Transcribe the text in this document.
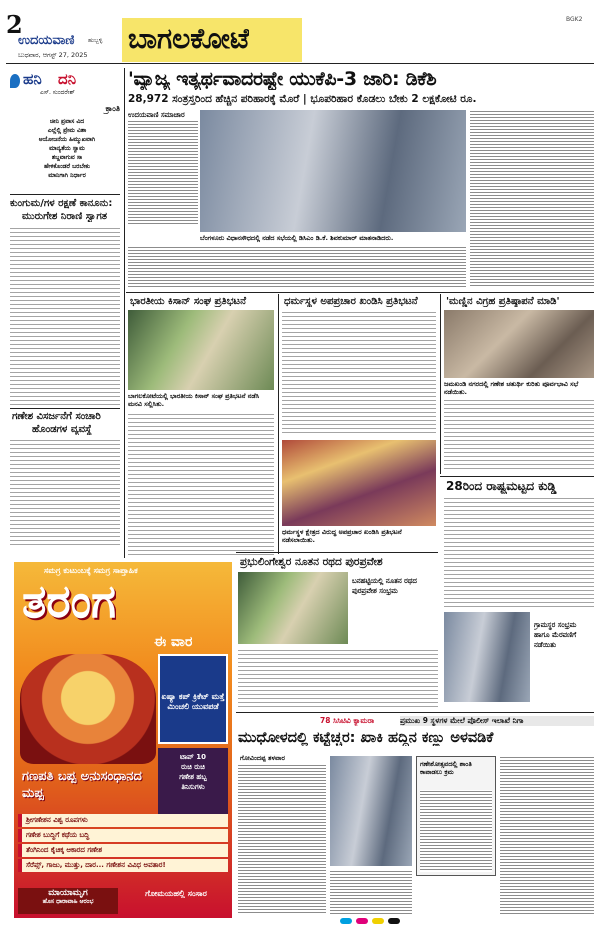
2
ಉದಯವಾಣಿ ಹುಬ್ಬಳ್ಳಿ
ಬುಧವಾರ, ಆಗಸ್ಟ್ 27, 2025 ಬಾಗಲಕೋಟೆ
BGK2
ಹನಿ ದನಿ
ಎಸ್. ಸುಂದರೇಶ್
ಕ್ರಾಂತಿ
ಚೀನಿ ಪ್ರವಾಸ ವಿದ
ಎಲ್ಲೆಲ್ಲಿ ಪ್ರೇಮ ವಿಶಾ
ಆಯೋಜನೆಯ ಹಿಮ್ಮುಖವಾಗಿ
ಮಾನ್ಯತೆಯ ಸ್ವಾಮ
ಶಬ್ದವಾಗುವ ಸಾ
ಹೇಳಿಕೊಂಡರೆ ಬರಬೇಕು
ಮಾನಿಗಾಗಿ ನಿರ್ಧಾರ
ಕುಂಗುಮ/ಗಳ ರಕ್ಷಣೆ ಕಾನೂನು:
ಮುರುಗೇಶ ನಿರಾಣಿ ಸ್ವಾಗತ
ಗಣೇಶ ವಿಸರ್ಜನೆಗೆ ಸಂಚಾರಿ
ಹೊಂಡಗಳ ವ್ಯವಸ್ಥೆ
'ವ್ಯಾಜ್ಯ ಇತ್ಯರ್ಥವಾದರಷ್ಟೇ ಯುಕೆಪಿ-3 ಜಾರಿ: ಡಿಕೆಶಿ
28,972 ಸಂತ್ರಸ್ತರಿಂದ ಹೆಚ್ಚಿನ ಪರಿಹಾರಕ್ಕೆ ಮೊರೆ | ಭೂಪರಿಹಾರ ಕೊಡಲು ಬೇಕು 2 ಲಕ್ಷಕೋಟಿ ರೂ.
ಉದಯವಾಣಿ ಸಮಾಚಾರ
ಬೆಂಗಳೂರು ವಿಧಾನಸೌಧದಲ್ಲಿ ನಡೆದ ಸಭೆಯಲ್ಲಿ ಡಿಸಿಎಂ ಡಿ.ಕೆ. ಶಿವಕುಮಾರ್ ಮಾತನಾಡಿದರು.
ಭಾರತೀಯ ಕಿಸಾನ್ ಸಂಘ ಪ್ರತಿಭಟನೆ
ಬಾಗಲಕೋಟೆಯಲ್ಲಿ ಭಾರತೀಯ ಕಿಸಾನ್ ಸಂಘ ಪ್ರತಿಭಟನೆ ನಡೆಸಿ ಮನವಿ ಸಲ್ಲಿಸಿತು.
ಧರ್ಮಸ್ಥಳ ಅಪಪ್ರಚಾರ ಖಂಡಿಸಿ ಪ್ರತಿಭಟನೆ
ಧರ್ಮಸ್ಥಳ ಕ್ಷೇತ್ರದ ವಿರುದ್ಧ ಅಪಪ್ರಚಾರ ಖಂಡಿಸಿ ಪ್ರತಿಭಟನೆ ನಡೆಸಲಾಯಿತು.
'ಮಣ್ಣಿನ ವಿಗ್ರಹ ಪ್ರತಿಷ್ಠಾಪನೆ ಮಾಡಿ'
ಜಮಖಂಡಿ ನಗರದಲ್ಲಿ ಗಣೇಶ ಚತುರ್ಥಿ ಕುರಿತು ಪೂರ್ವಭಾವಿ ಸಭೆ ನಡೆಯಿತು.
28ರಿಂದ ರಾಷ್ಟ್ರಮಟ್ಟದ ಕುಡ್ಡಿ
ಗ್ರಾಮಸ್ಥರ ಸಂಭ್ರಮ ಹಾಗೂ ಮೆರವಣಿಗೆ ನಡೆಯಿತು
ಪ್ರಭುಲಿಂಗೇಶ್ವರ ನೂತನ ರಥದ ಪುರಪ್ರವೇಶ
ಬನಹಟ್ಟಿಯಲ್ಲಿ ನೂತನ ರಥದ ಪುರಪ್ರವೇಶ ಸಂಭ್ರಮ
ಸಮಗ್ರ ಕುಟುಂಬಕ್ಕೆ ಸಮಗ್ರ ಸಾಪ್ತಾಹಿಕ
ತರಂಗ
ಈ ವಾರ
ಏಷ್ಯಾ ಕಪ್ ಕ್ರಿಕೆಟ್ ಮತ್ತೆ ಮಿಂಚಲಿ ಯುವಪಡೆ
ಟಾಪ್ 10
ರುಚಿ ರುಚಿ
ಗಣೇಶ ಹಬ್ಬ
ತಿನಿಸುಗಳು
ಗಣಪತಿ ಬಪ್ಪ ಅನುಸಂಧಾನದ ಮಪ್ಪ
ಶ್ರೀಗಣೇಶನ ವಿಶ್ವ ರೂಪಗಳು
ಗಣೇಶ ಬುದ್ಧಿಗೆ ಕಥೆಯ ಬದ್ಧಿ
ತೆಂಗಿನಿಂದ ಕೈಚಿಕ್ಕ ಆಕಾರದ ಗಣೇಶ
ಸೆರೆಪ್ಸ್, ಗಾಜು, ಮುತ್ತು, ದಾರ... ಗಣೇಶನ ವಿವಿಧ ಅವತಾರ!
ಮಾಯಾಮೃಗ
ಹೊಸ ಧಾರಾವಾಹಿ ಆರಂಭ
ಗೋಮಯಹಲ್ಲಿ ಸಂಸಾರ
78 ಸಿಸಿಟಿವಿ ಕ್ಯಾಮರಾ	ಪ್ರಮುಖ 9 ಸ್ಥಳಗಳ ಮೇಲೆ ಪೊಲೀಸ್ ಇಲಾಖೆ ನಿಗಾ
ಮುಧೋಳದಲ್ಲಿ ಕಟ್ಟೆಚ್ಚರ: ಖಾಕಿ ಹದ್ದಿನ ಕಣ್ಣು ಅಳವಡಿಕೆ
ಗೋವಿಂದಪ್ಪ ತಳವಾರ
ಗಣೇಶೋತ್ಸವದಲ್ಲಿ ಶಾಂತಿ ಕಾಪಾಡಲು ಕ್ರಮ
